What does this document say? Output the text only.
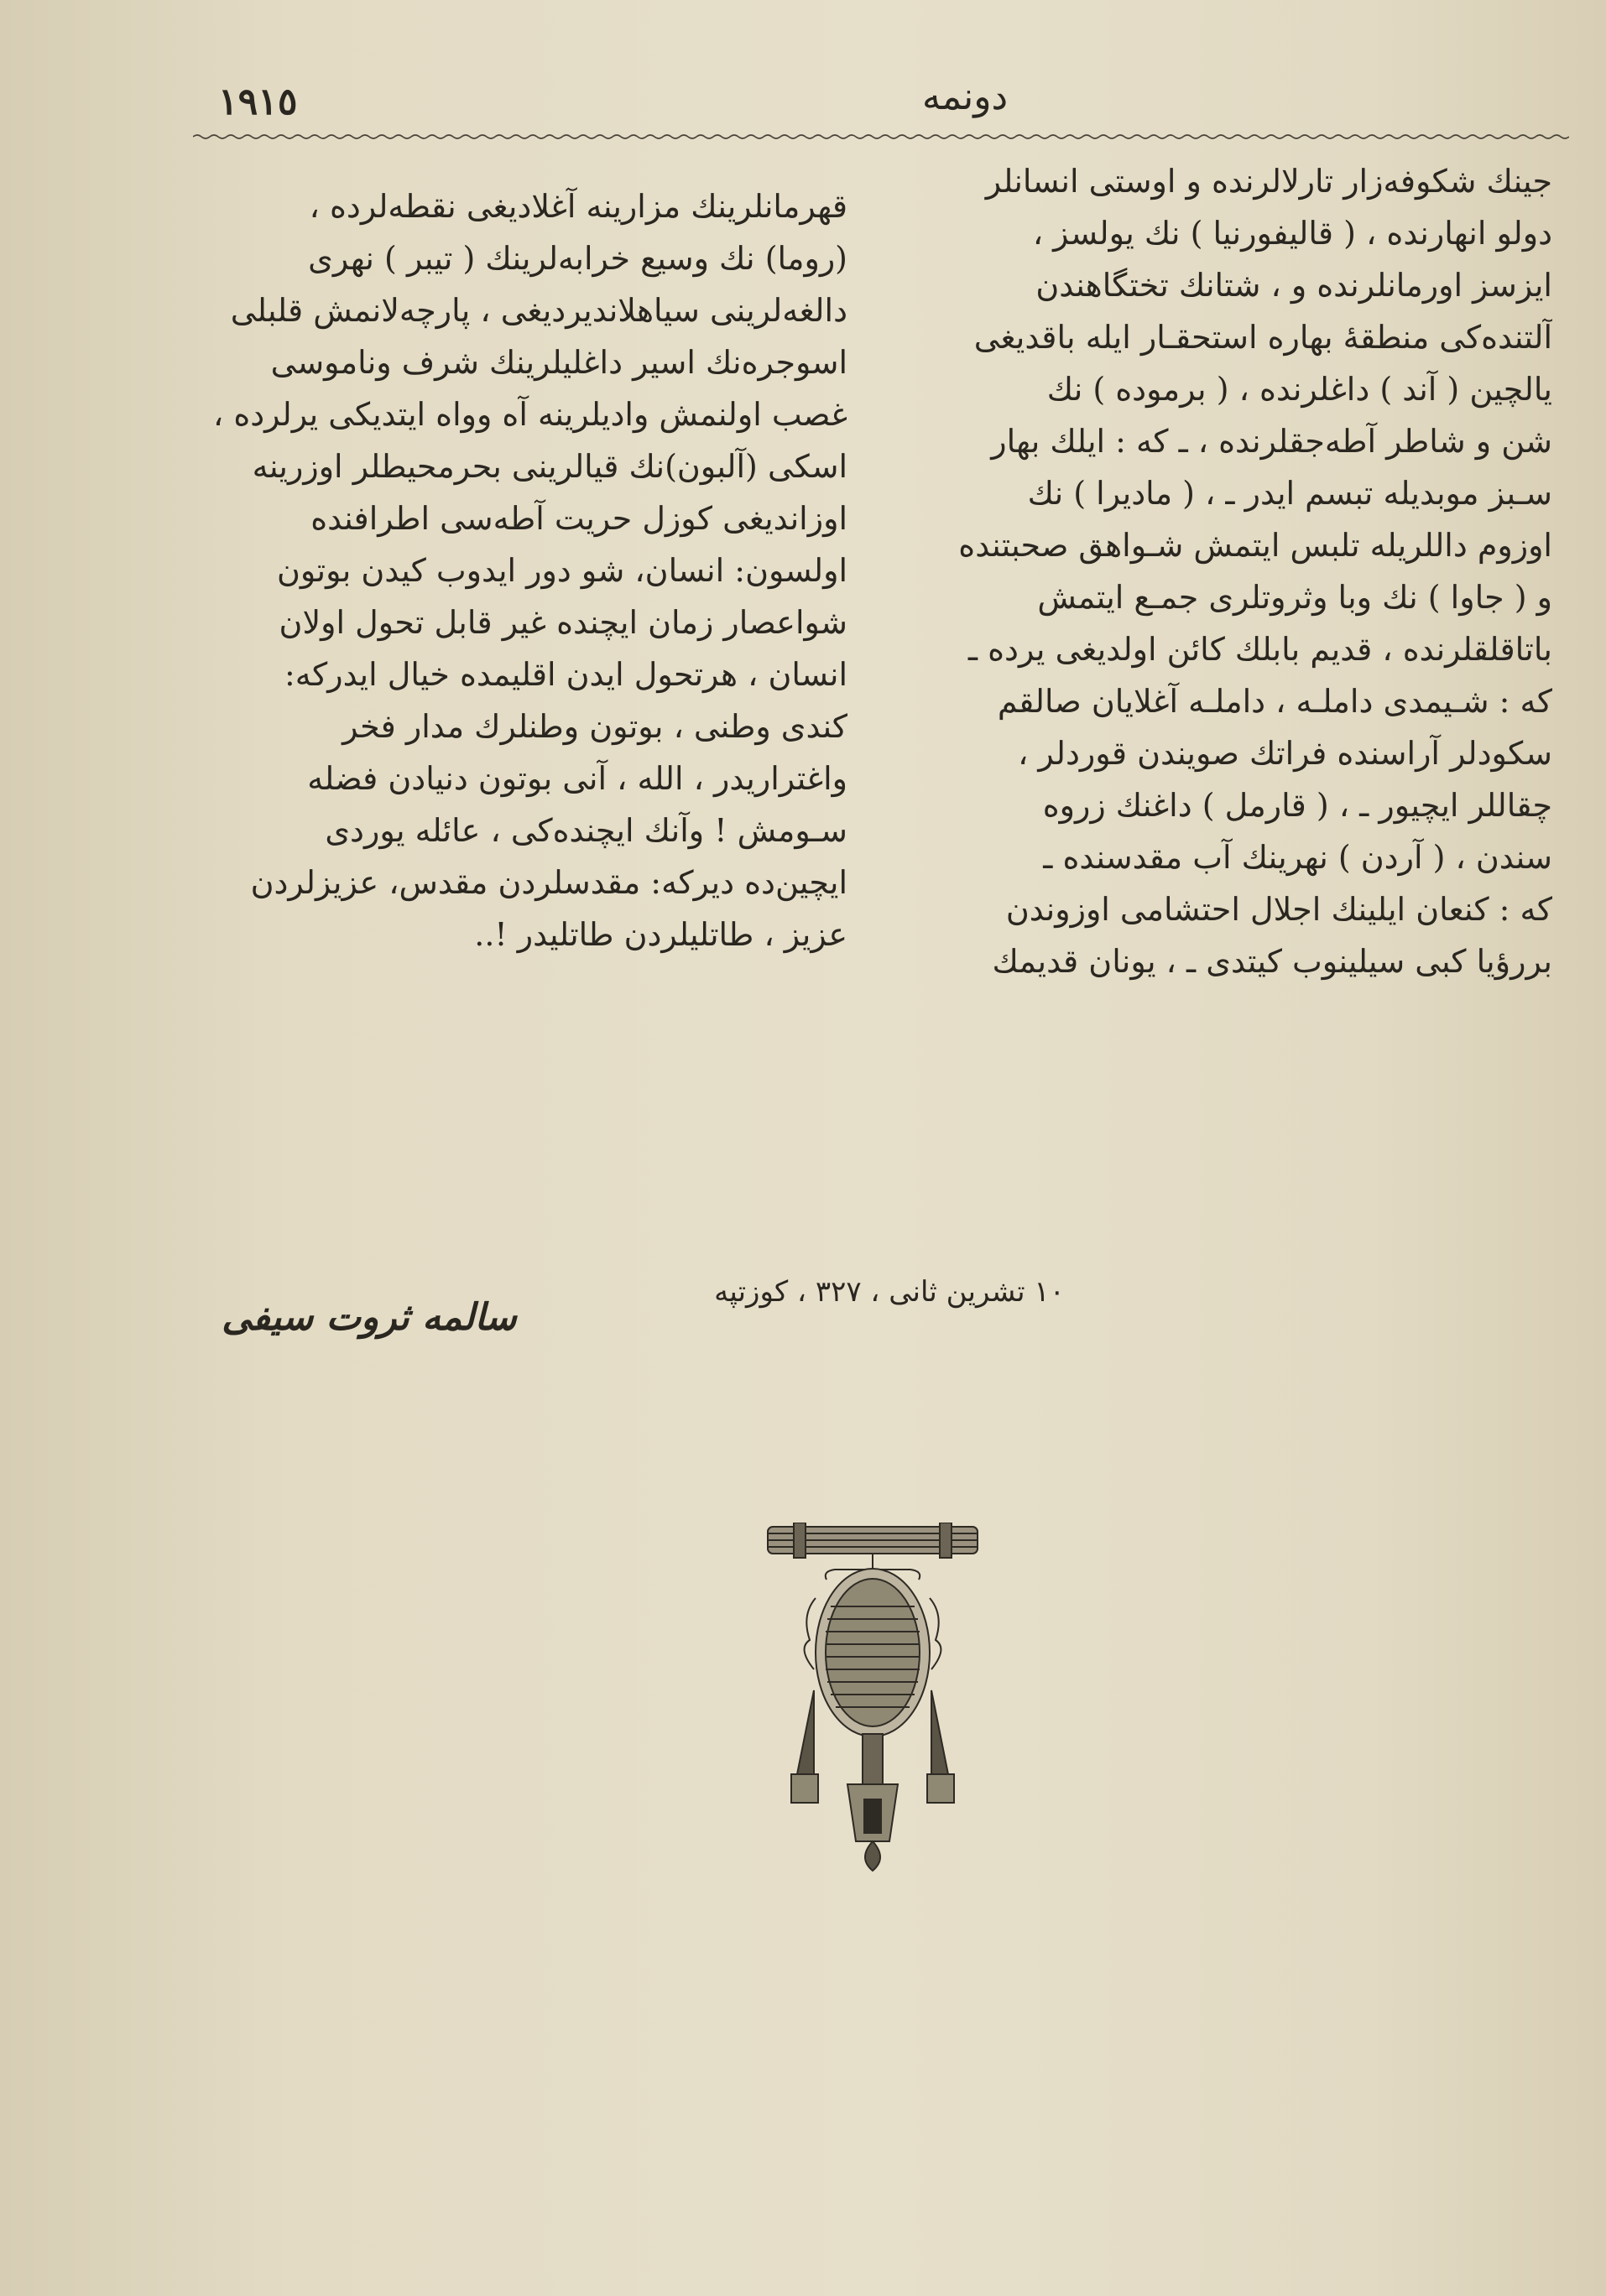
١٩١٥	دونمه
جینك شکوفه‌زار تارلالرنده و اوستی انسانلر
دولو انهارنده ، ( قالیفورنیا ) نك يولسز ،
ایزسز اورمانلرنده و ، شتانك تختگاهندن
آلتنده‌کی منطقهٔ بهاره استحقـار ایله باقدیغی
يالچین ( آند ) داغلرنده ، ( برموده ) نك
شن و شاطر آطه‌جقلرنده ، ـ که : ایلك بهار
سـبز موبدیله تبسم ایدر ـ ، ( مادیرا ) نك
اوزوم داللریله تلبس ایتمش شـواهق صحبتنده
و ( جاوا ) نك وبا وثروتلری جمـع ایتمش
باتاقلقلرنده ، قدیم بابلك کائن اولدیغی یرده ـ
که : شـیمدی داملـه ، داملـه آغلایان صالقم
سکودلر آراسنده فراتك صویندن قوردلر ،
چقاللر ایچیور ـ ، ( قارمل ) داغنك زروه‌
سندن ، ( آردن ) نهرینك آب مقدسنده ـ
که : کنعان ایلینك اجلال احتشامی اوزوندن
بررؤیا کبی سیلینوب کیتدی ـ ، یونان قدیمك
قهرمانلرینك مزارینه آغلادیغی نقطه‌لرده ،
(روما) نك وسیع خرابه‌لرینك ( تیبر ) نهری
دالغه‌لرینی سیاهلاندیردیغی ، پارچه‌لانمش قلبلی
اسوجره‌نك اسیر داغلیلرینك شرف وناموسی
غصب اولنمش وادیلرینه آه وواه ایتدیکی یرلرده ،
اسکی (آلبون)نك قیالرینی بحرمحیطلر اوزرینه
اوزاندیغی کوزل حریت آطه‌سی اطرافنده
اولسون: انسان، شو دور ایدوب کیدن بوتون
شواعصار زمان ایچنده غیر قابل تحول اولان
انسان ، هرتحول ایدن اقلیمده خیال ایدرکه:
کندی وطنی ، بوتون وطنلرك مدار فخر
واغتراریدر ، الله ، آنی بوتون دنیادن فضله
سـومش ! وآنك ایچنده‌کی ، عائله یوردی
ایچین‌ده دیرکه: مقدسلردن مقدس، عزیزلردن
عزیز ، طاتلیلردن طاتلیدر !..
١٠ تشرین ثانی ، ٣٢٧ ، کوزتپه
سالمه ثروت سیفی
